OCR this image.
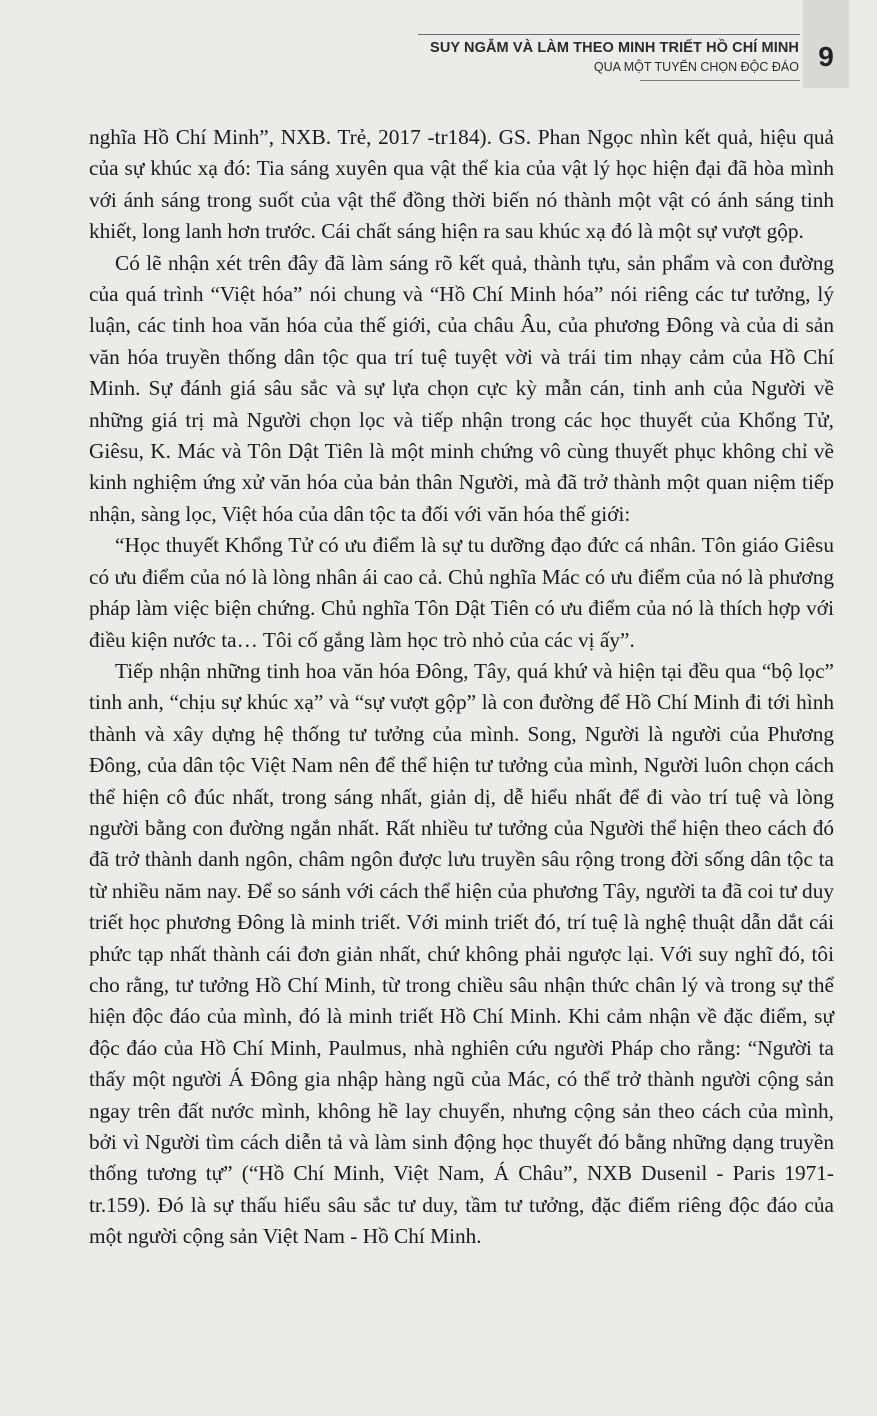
SUY NGẪM VÀ LÀM THEO MINH TRIẾT HỒ CHÍ MINH
QUA MỘT TUYỂN CHỌN ĐỘC ĐÁO 9

nghĩa Hồ Chí Minh”, NXB. Trẻ, 2017 -tr184). GS. Phan Ngọc nhìn kết quả, hiệu quả của sự khúc xạ đó: Tia sáng xuyên qua vật thể kia của vật lý học hiện đại đã hòa mình với ánh sáng trong suốt của vật thể đồng thời biến nó thành một vật có ánh sáng tinh khiết, long lanh hơn trước. Cái chất sáng hiện ra sau khúc xạ đó là một sự vượt gộp.

Có lẽ nhận xét trên đây đã làm sáng rõ kết quả, thành tựu, sản phẩm và con đường của quá trình “Việt hóa” nói chung và “Hồ Chí Minh hóa” nói riêng các tư tưởng, lý luận, các tinh hoa văn hóa của thế giới, của châu Âu, của phương Đông và của di sản văn hóa truyền thống dân tộc qua trí tuệ tuyệt vời và trái tim nhạy cảm của Hồ Chí Minh. Sự đánh giá sâu sắc và sự lựa chọn cực kỳ mẫn cán, tinh anh của Người về những giá trị mà Người chọn lọc và tiếp nhận trong các học thuyết của Khổng Tử, Giêsu, K. Mác và Tôn Dật Tiên là một minh chứng vô cùng thuyết phục không chỉ về kinh nghiệm ứng xử văn hóa của bản thân Người, mà đã trở thành một quan niệm tiếp nhận, sàng lọc, Việt hóa của dân tộc ta đối với văn hóa thế giới:

“Học thuyết Khổng Tử có ưu điểm là sự tu dưỡng đạo đức cá nhân. Tôn giáo Giêsu có ưu điểm của nó là lòng nhân ái cao cả. Chủ nghĩa Mác có ưu điểm của nó là phương pháp làm việc biện chứng. Chủ nghĩa Tôn Dật Tiên có ưu điểm của nó là thích hợp với điều kiện nước ta… Tôi cố gắng làm học trò nhỏ của các vị ấy”.

Tiếp nhận những tinh hoa văn hóa Đông, Tây, quá khứ và hiện tại đều qua “bộ lọc” tinh anh, “chịu sự khúc xạ” và “sự vượt gộp” là con đường để Hồ Chí Minh đi tới hình thành và xây dựng hệ thống tư tưởng của mình. Song, Người là người của Phương Đông, của dân tộc Việt Nam nên để thể hiện tư tưởng của mình, Người luôn chọn cách thể hiện cô đúc nhất, trong sáng nhất, giản dị, dễ hiểu nhất để đi vào trí tuệ và lòng người bằng con đường ngắn nhất. Rất nhiều tư tưởng của Người thể hiện theo cách đó đã trở thành danh ngôn, châm ngôn được lưu truyền sâu rộng trong đời sống dân tộc ta từ nhiều năm nay. Để so sánh với cách thể hiện của phương Tây, người ta đã coi tư duy triết học phương Đông là minh triết. Với minh triết đó, trí tuệ là nghệ thuật dẫn dắt cái phức tạp nhất thành cái đơn giản nhất, chứ không phải ngược lại. Với suy nghĩ đó, tôi cho rằng, tư tưởng Hồ Chí Minh, từ trong chiều sâu nhận thức chân lý và trong sự thể hiện độc đáo của mình, đó là minh triết Hồ Chí Minh. Khi cảm nhận về đặc điểm, sự độc đáo của Hồ Chí Minh, Paulmus, nhà nghiên cứu người Pháp cho rằng: “Người ta thấy một người Á Đông gia nhập hàng ngũ của Mác, có thể trở thành người cộng sản ngay trên đất nước mình, không hề lay chuyển, nhưng cộng sản theo cách của mình, bởi vì Người tìm cách diễn tả và làm sinh động học thuyết đó bằng những dạng truyền thống tương tự” (“Hồ Chí Minh, Việt Nam, Á Châu”, NXB Dusenil - Paris 1971-tr.159). Đó là sự thấu hiểu sâu sắc tư duy, tầm tư tưởng, đặc điểm riêng độc đáo của một người cộng sản Việt Nam - Hồ Chí Minh.
